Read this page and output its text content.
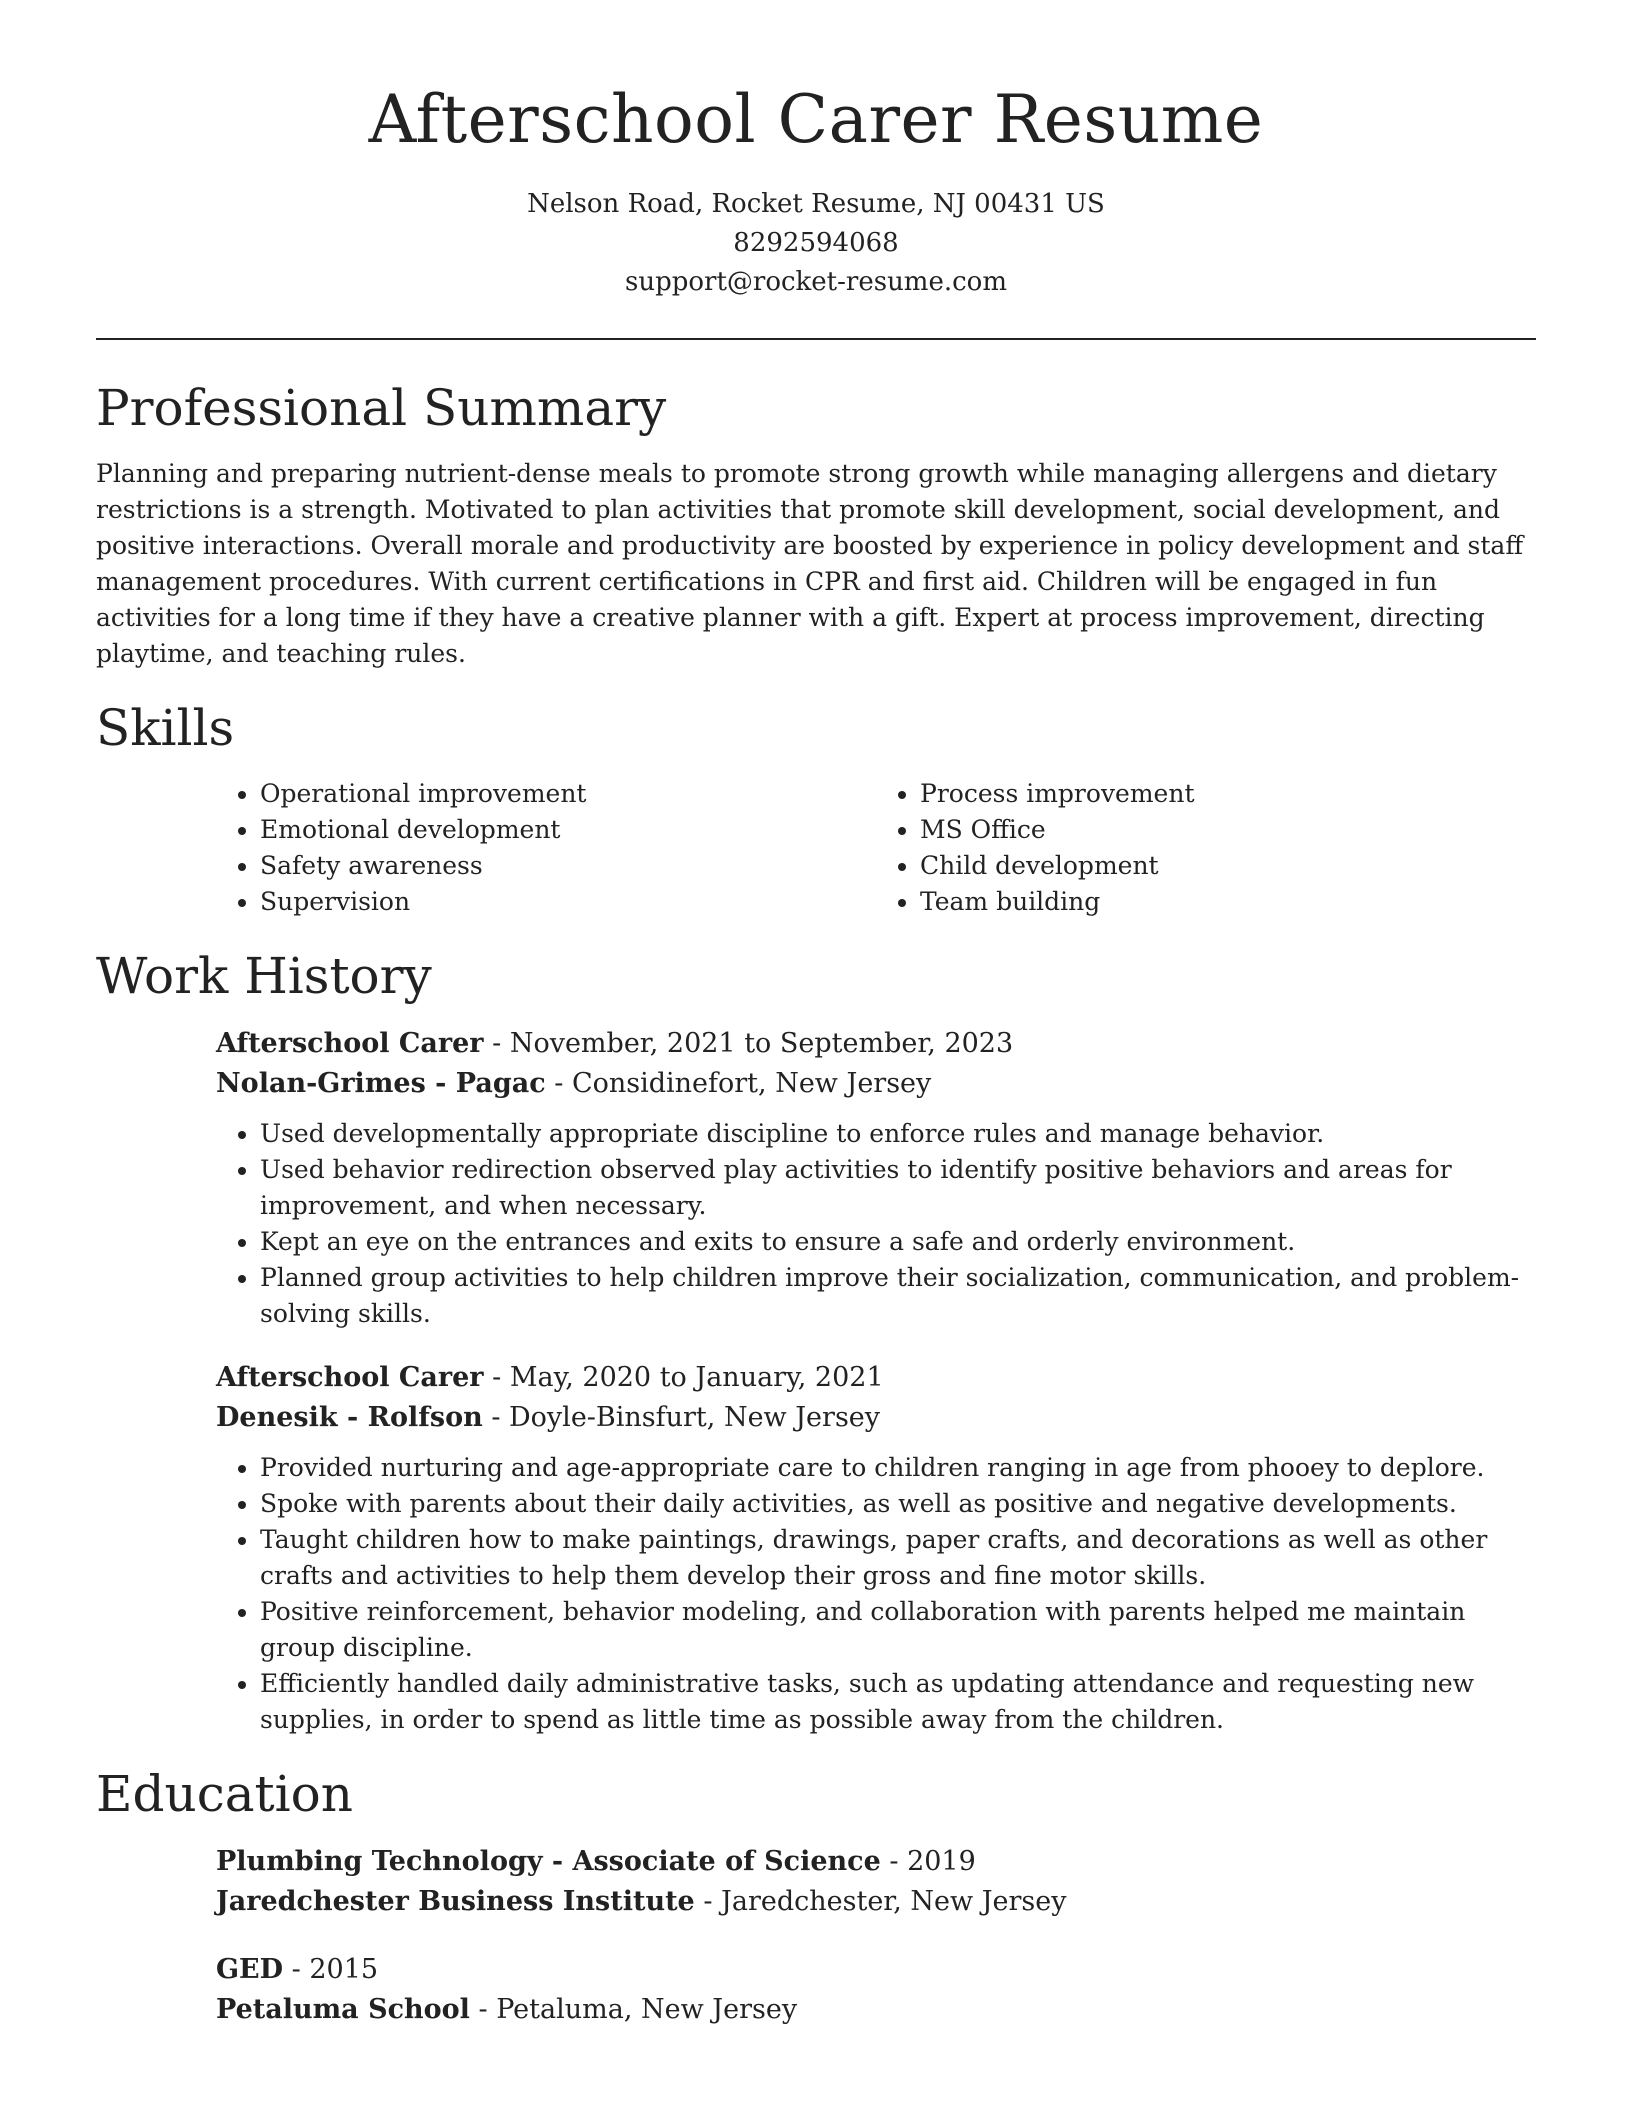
Afterschool Carer Resume
Nelson Road, Rocket Resume, NJ 00431 US
8292594068
support@rocket-resume.com
Professional Summary

Planning and preparing nutrient-dense meals to promote strong growth while managing allergens and dietary restrictions is a strength. Motivated to plan activities that promote skill development, social development, and positive interactions. Overall morale and productivity are boosted by experience in policy development and staff management procedures. With current certifications in CPR and first aid. Children will be engaged in fun activities for a long time if they have a creative planner with a gift. Expert at process improvement, directing playtime, and teaching rules.

Skills
• Operational improvement
• Emotional development
• Safety awareness
• Supervision
• Process improvement
• MS Office
• Child development
• Team building
Work History
Afterschool Carer - November, 2021 to September, 2023
Nolan-Grimes - Pagac - Considinefort, New Jersey
• Used developmentally appropriate discipline to enforce rules and manage behavior.
• Used behavior redirection observed play activities to identify positive behaviors and areas for improvement, and when necessary.
• Kept an eye on the entrances and exits to ensure a safe and orderly environment.
• Planned group activities to help children improve their socialization, communication, and problem-solving skills.
Afterschool Carer - May, 2020 to January, 2021
Denesik - Rolfson - Doyle-Binsfurt, New Jersey
• Provided nurturing and age-appropriate care to children ranging in age from phooey to deplore.
• Spoke with parents about their daily activities, as well as positive and negative developments.
• Taught children how to make paintings, drawings, paper crafts, and decorations as well as other crafts and activities to help them develop their gross and fine motor skills.
• Positive reinforcement, behavior modeling, and collaboration with parents helped me maintain group discipline.
• Efficiently handled daily administrative tasks, such as updating attendance and requesting new supplies, in order to spend as little time as possible away from the children.
Education
Plumbing Technology - Associate of Science - 2019
Jaredchester Business Institute - Jaredchester, New Jersey
GED - 2015
Petaluma School - Petaluma, New Jersey
